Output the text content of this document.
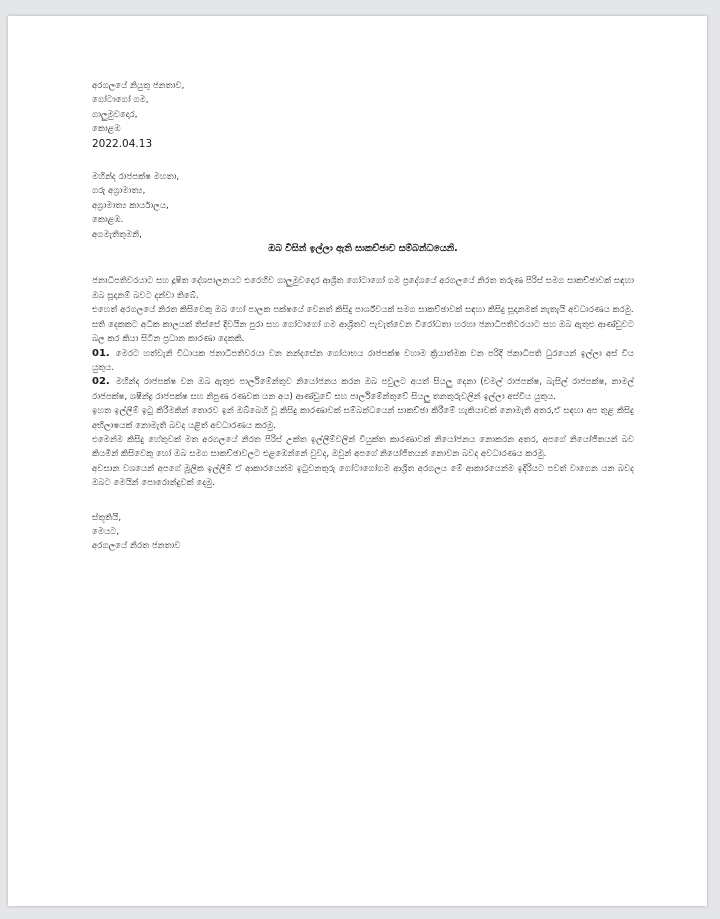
අරගලයේ නියුතු ජනතාව,

ගෝටාගෝ ගම,

ගාලුමුවදොර,

කොළඹ

2022.04.13

මහින්ද රාජපක්ෂ මහතා,

ගරු අග්‍රාමාත්‍ය,

අග්‍රාමාත්‍ය කාර්යාලය,

කොළඹ.

අගමැතිතුමනි,

ඔබ විසින් ඉල්ලා ඇති සාකච්ඡාව සම්බන්ධයෙනි.

ජනාධිපතිවරයාට සහ දූෂිත දේශපාලනයට එරෙහිව ගාලුමුවදොර ආශ්‍රිත ගෝටාගෝ ගම ප්‍රදේශයේ අරගලයේ නිරත තරුණ පිරිස් සමග සාකච්ඡාවක් සඳහා ඔබ සූදානම් බවට දන්වා තිබේ.
එහෙත් අරගලයේ නිරත කිසිවෙකු ඔබ හෝ පාලක පක්ෂයේ වෙනත් කිසිදු පාර්ශ්වයක් සමග සාකච්ඡාවක් සඳහා කිසිදු සූදානමක් නැතැයි අවධාරණය කරමු.
සති දෙකකට අධික කාලයක් තිස්සේ දිවයින පුරා සහ ගෝටාගෝ ගම ආශ්‍රිතව පැවැත්වෙන විරෝධතා හරහා ජනාධිපතිවරයාට සහ ඔබ ඇතුළු ආණ්ඩුවට බල කර කියා සිටින ප්‍රධාන කාරණා දෙකකි.

01. මෙරට හත්වැනි විධායක ජනාධිපතිවරයා වන නන්දසේන ගෝඨාභය රාජපක්ෂ වහාම ක්‍රියාත්මක වන පරිදි ජනාධිපති ධුරයෙන් ඉල්ලා අස් විය යුතුය.

02. මහින්ද රාජපක්ෂ වන ඔබ ඇතුළු පාර්ලිමේන්තුව නියෝජනය කරන ඔබ පවුලට අයත් සියලු දෙනා (චමල් රාජපක්ෂ, බැසිල් රාජපක්ෂ, නාමල් රාජපක්ෂ, ශෂීන්ද්‍ර රාජපක්ෂ සහ නිපුණ රණවක යන අය) ආණ්ඩුවේ සහ පාර්ලිමේන්තුවේ සියලු තනතුරුවලින් ඉල්ලා අස්විය යුතුය.

ඉහත ඉල්ලීම් ඉටු කිරීමකින් තොරව ඉන් ඔබ්බෙහි වූ කිසිදු කාරණාවක් සම්බන්ධයෙන් සාකච්ඡා කිරීමේ හැකියාවක් නොමැති අතර,ඒ සඳහා අප තුළ කිසිදු අභිලාෂයක් නොමැති බවද යළිත් අවධාරණය කරමු.

එමෙන්ම කිසිදු හේතුවක් මත අරගලයේ නිරත පිරිස් උක්ත ඉල්ලීම්වලින් වියුක්ත කාරණාවක් නියෝජනය නොකරන අතර, අපගේ නියෝජිතයන් බව කියමින් කිසිවෙකු හෝ ඔබ සමග සාකච්ඡාවලට එළඹෙන්නේ වුවද, ඔවුන් අපගේ නියෝජිතයන් නොවන බවද අවධාරණය කරමු.

අවසාන වශයෙන් අපගේ මූලික ඉල්ලීම් ඒ ආකාරයෙන්ම ඉටුවනතුරු ගෝටාගෝගම ආශ්‍රිත අරගලය මේ ආකාරයෙන්ම ඉදිරියට පවත් වාගෙන යන බවද ඔබට මෙයින් පොරොන්දුවක් දෙමු.

ස්තූතියි,

මෙයට,

අරගලයේ නිරත ජනතාව
